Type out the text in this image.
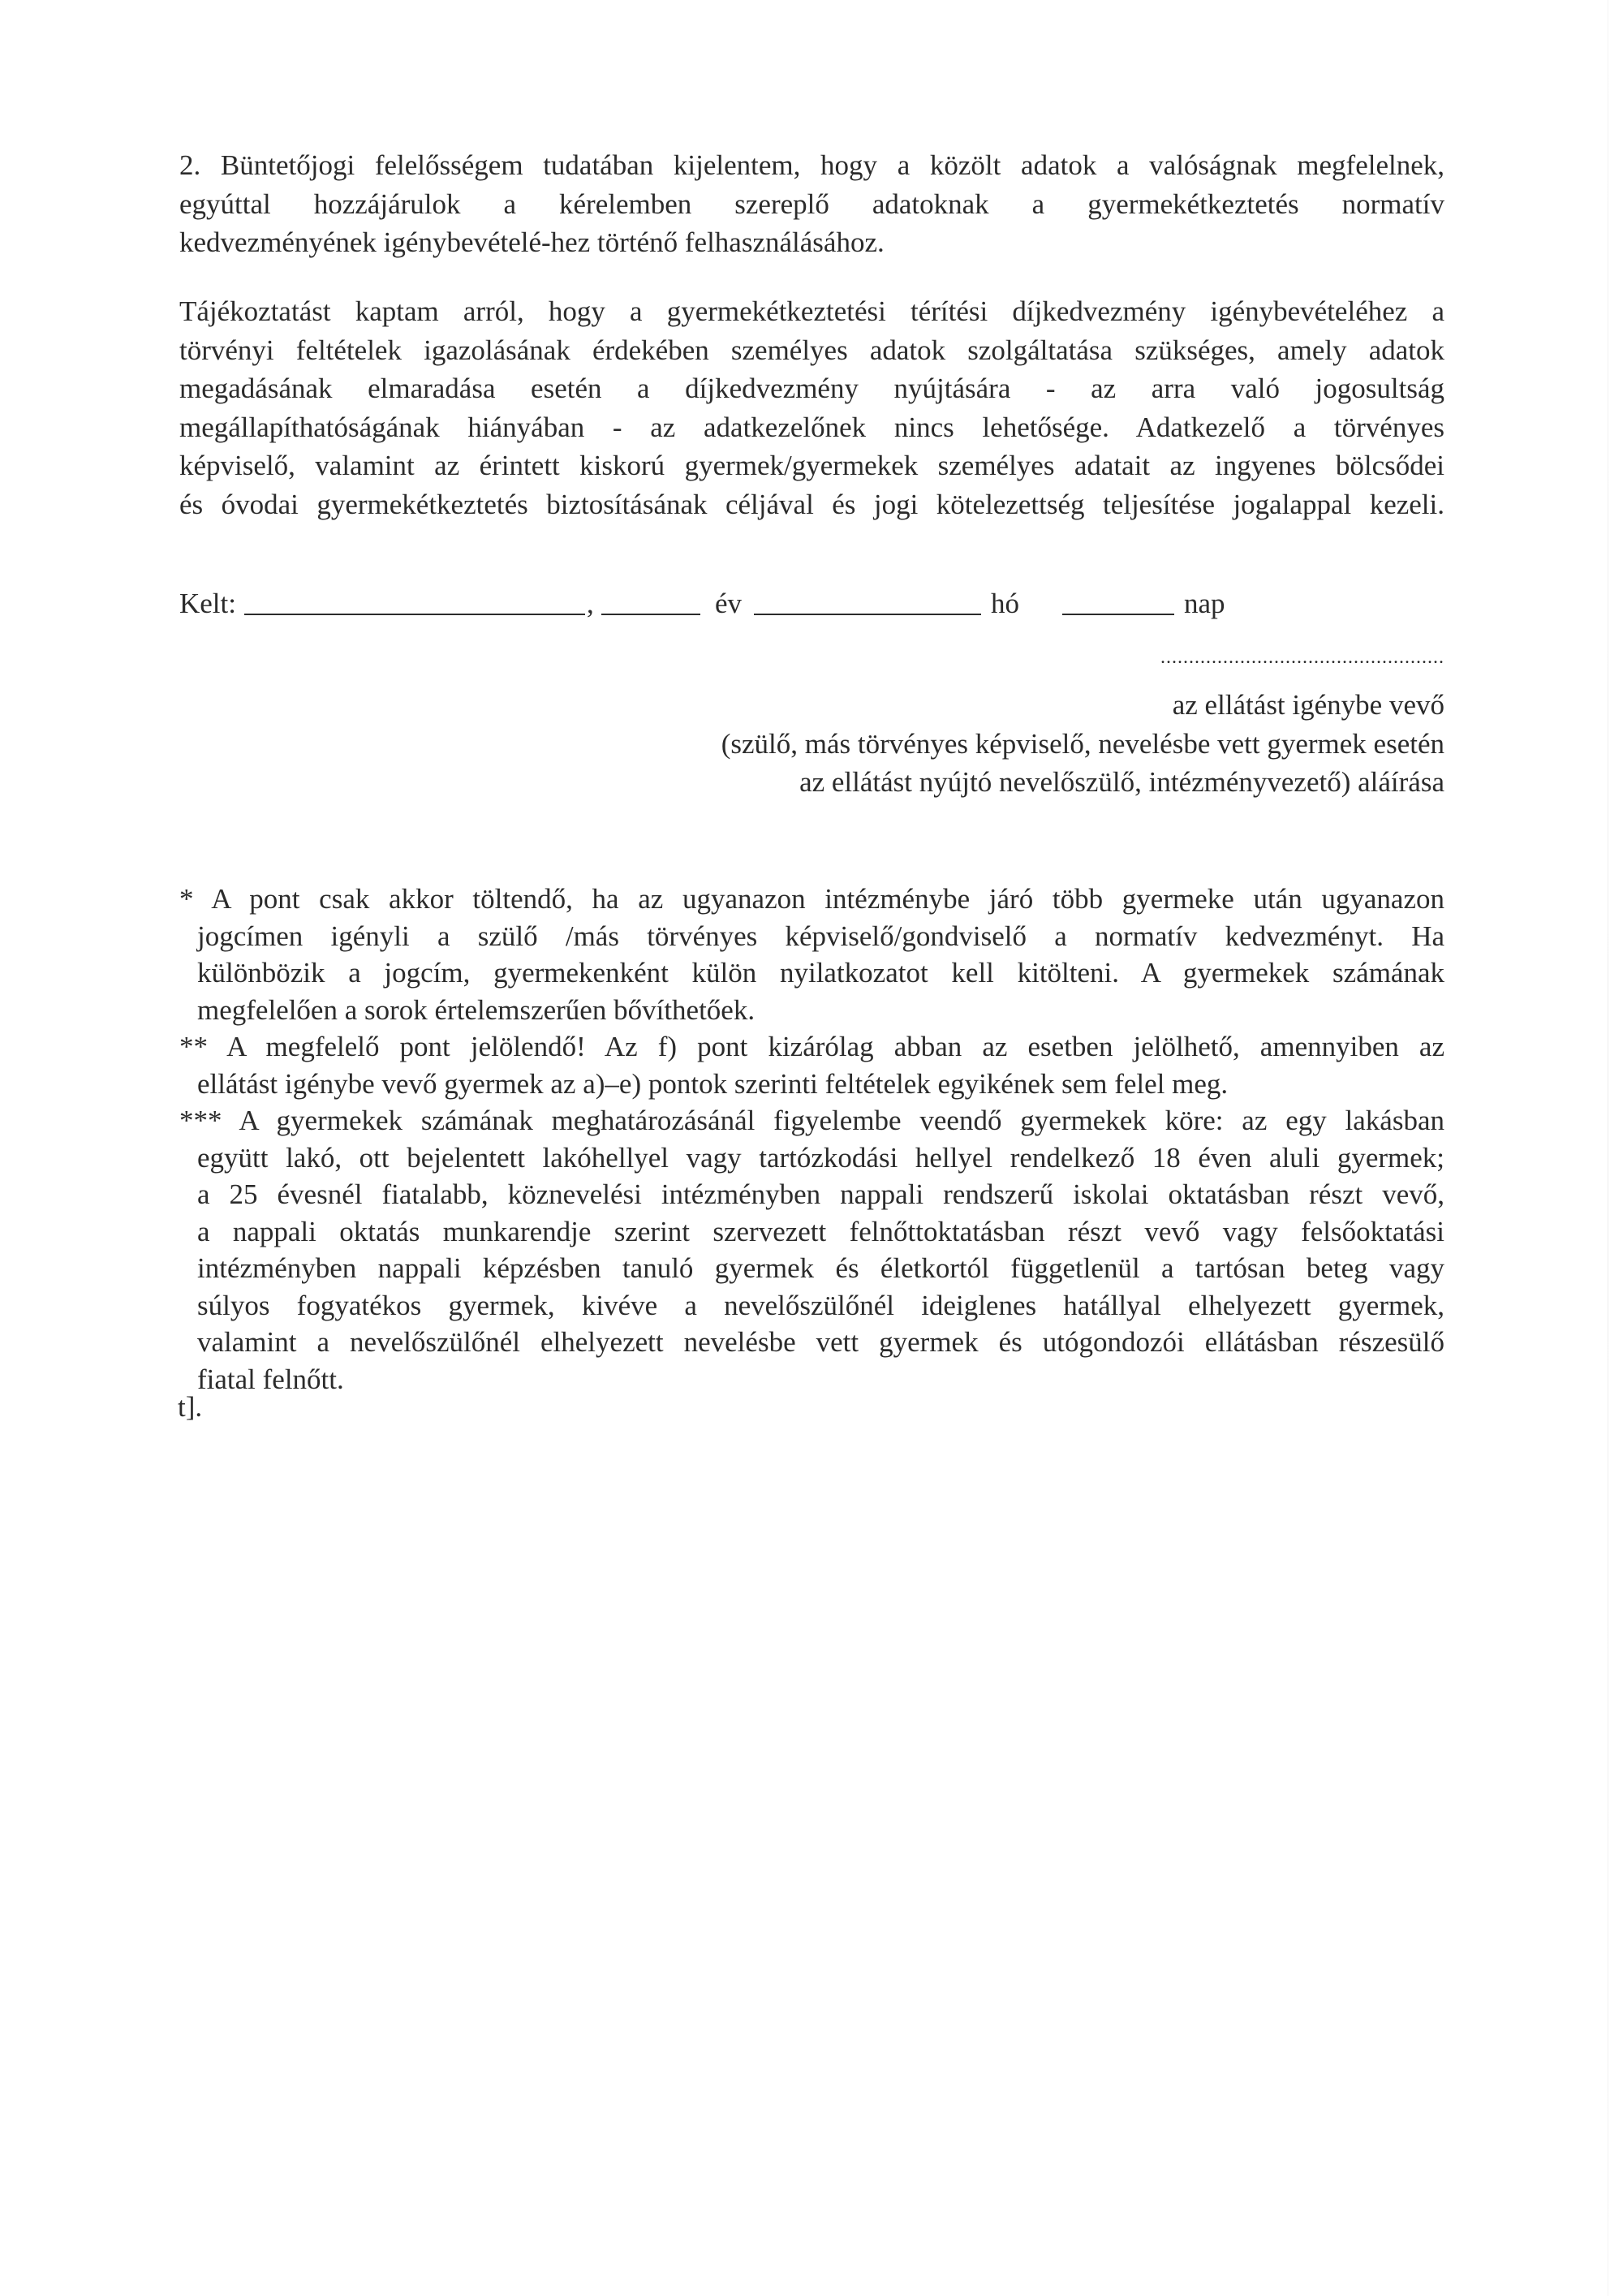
2. Büntetőjogi felelősségem tudatában kijelentem, hogy a közölt adatok a valóságnak megfelelnek,
egyúttal hozzájárulok a kérelemben szereplő adatoknak a gyermekétkeztetés normatív
kedvezményének igénybevételé-hez történő felhasználásához.

Tájékoztatást kaptam arról, hogy a gyermekétkeztetési térítési díjkedvezmény igénybevételéhez a
törvényi feltételek igazolásának érdekében személyes adatok szolgáltatása szükséges, amely adatok
megadásának elmaradása esetén a díjkedvezmény nyújtására - az arra való jogosultság
megállapíthatóságának hiányában - az adatkezelőnek nincs lehetősége. Adatkezelő a törvényes
képviselő, valamint az érintett kiskorú gyermek/gyermekek személyes adatait az ingyenes bölcsődei
és óvodai gyermekétkeztetés biztosításának céljával és jogi kötelezettség teljesítése jogalappal kezeli.

Kelt:	,	év	hó	nap
..................................................
az ellátást igénybe vevő
(szülő, más törvényes képviselő, nevelésbe vett gyermek esetén
az ellátást nyújtó nevelőszülő, intézményvezető) aláírása

* A pont csak akkor töltendő, ha az ugyanazon intézménybe járó több gyermeke után ugyanazon
jogcímen igényli a szülő /más törvényes képviselő/gondviselő a normatív kedvezményt. Ha
különbözik a jogcím, gyermekenként külön nyilatkozatot kell kitölteni. A gyermekek számának
megfelelően a sorok értelemszerűen bővíthetőek.

** A megfelelő pont jelölendő! Az f) pont kizárólag abban az esetben jelölhető, amennyiben az
ellátást igénybe vevő gyermek az a)–e) pontok szerinti feltételek egyikének sem felel meg.

*** A gyermekek számának meghatározásánál figyelembe veendő gyermekek köre: az egy lakásban
együtt lakó, ott bejelentett lakóhellyel vagy tartózkodási hellyel rendelkező 18 éven aluli gyermek;
a 25 évesnél fiatalabb, köznevelési intézményben nappali rendszerű iskolai oktatásban részt vevő,
a nappali oktatás munkarendje szerint szervezett felnőttoktatásban részt vevő vagy felsőoktatási
intézményben nappali képzésben tanuló gyermek és életkortól függetlenül a tartósan beteg vagy
súlyos fogyatékos gyermek, kivéve a nevelőszülőnél ideiglenes hatállyal elhelyezett gyermek,
valamint a nevelőszülőnél elhelyezett nevelésbe vett gyermek és utógondozói ellátásban részesülő
fiatal felnőtt.

t].
